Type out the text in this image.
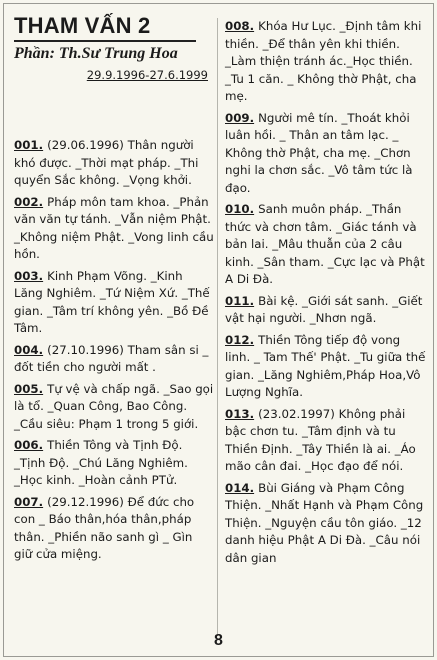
THAM VẤN 2
Phần: Th.Sư Trung Hoa
29.9.1996-27.6.1999
001. (29.06.1996) Thân người khó được. _Thời mạt pháp. _Thi quyển Sắc không. _Vọng khởi.
002. Pháp môn tam khoa. _Phản văn văn tự tánh. _Vẫn niệm Phật. _Không niệm Phật. _Vong linh cầu hồn.
003. Kinh Phạm Võng. _Kinh Lăng Nghiêm. _Tứ Niệm Xứ. _Thế gian. _Tâm trí không yên. _Bồ Đề Tâm.
004. (27.10.1996) Tham sân si _ đốt tiền cho người mất .
005. Tự vệ và chấp ngã. _Sao gọi là tổ. _Quan Công, Bao Công. _Cầu siêu: Phạm 1 trong 5 giới.
006. Thiền Tông và Tịnh Độ. _Tịnh Độ. _Chú Lăng Nghiêm. _Học kinh. _Hoàn cảnh PTử.
007. (29.12.1996) Để đức cho con _ Báo thân,hóa thân,pháp thân. _Phiền não sanh gì _ Gìn giữ cửa miệng.
008. Khóa Hư Lục. _Định tâm khi thiền. _Để thân yên khi thiền. _Làm thiện tránh ác._Học thiền. _Tu 1 căn. _ Không thờ Phật, cha mẹ.
009. Người mê tín. _Thoát khỏi luân hồi. _ Thân an tâm lạc. _ Không thờ Phật, cha mẹ. _Chơn nghi la chơn sắc. _Vô tâm tức là đạo.
010. Sanh muôn pháp. _Thần thức và chơn tâm. _Giác tánh và bản lai. _Mâu thuẫn của 2 câu kinh. _Sân tham. _Cực lạc và Phật A Di Đà.
011. Bài kệ. _Giới sát sanh. _Giết vật hại người. _Nhơn ngã.
012. Thiền Tông tiếp độ vong linh. _ Tam Thế' Phật. _Tu giữa thế gian. _Lăng Nghiêm,Pháp Hoa,Vô Lượng Nghĩa.
013. (23.02.1997) Không phải bậc chơn tu. _Tâm định và tu Thiền Định. _Tây Thiền là ai. _Áo mão cân đai. _Học đạo để nói.
014. Bùi Giáng và Phạm Công Thiện. _Nhất Hạnh và Phạm Công Thiện. _Nguyện cầu tôn giáo. _12 danh hiệu Phật A Di Đà. _Câu nói dân gian
8
